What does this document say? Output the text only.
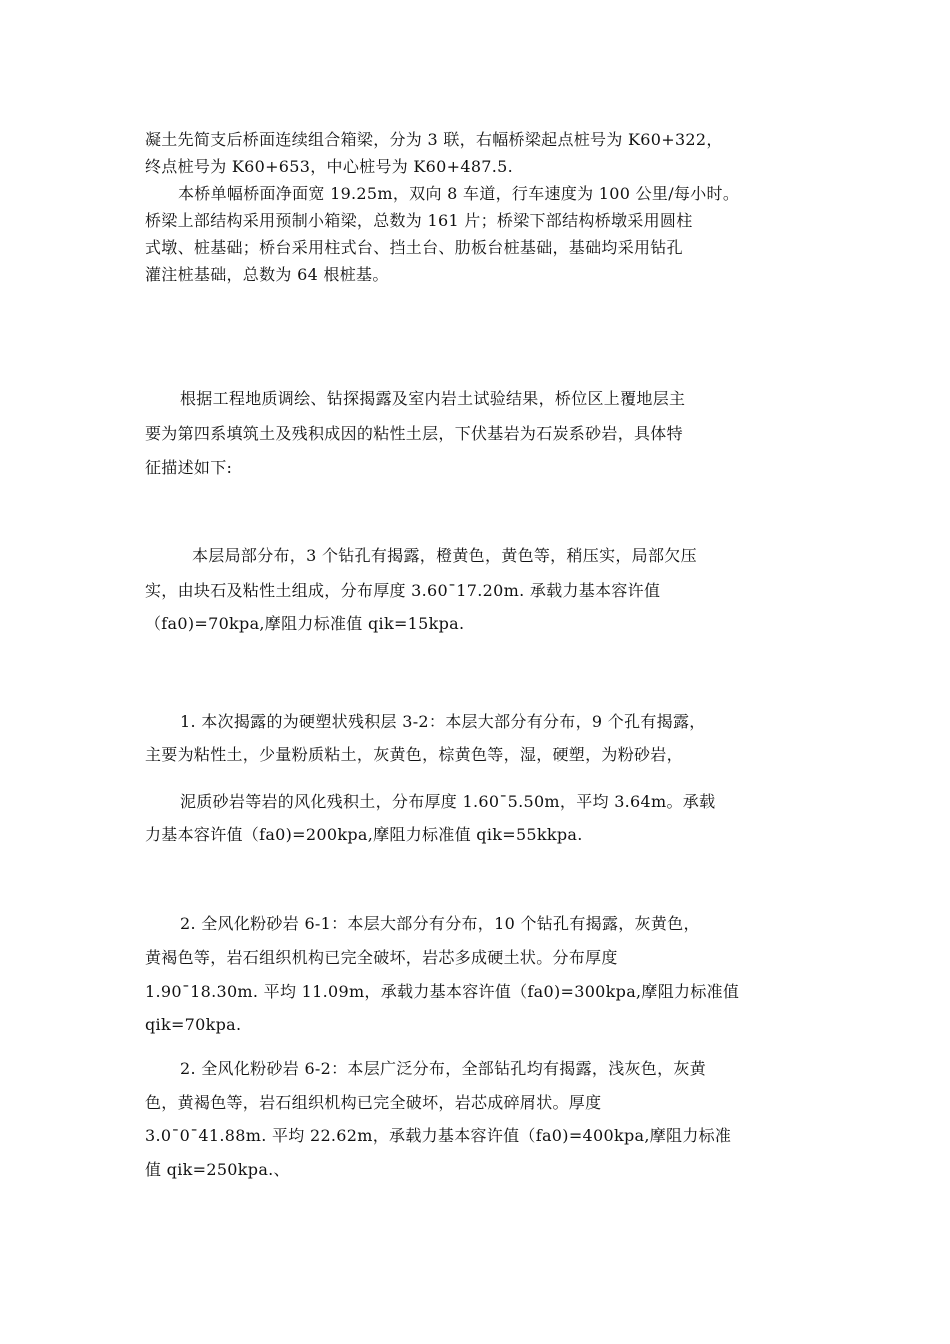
凝土先简支后桥面连续组合箱梁，分为 3 联，右幅桥梁起点桩号为 K60+322，
终点桩号为 K60+653，中心桩号为 K60+487.5.
本桥单幅桥面净面宽 19.25m，双向 8 车道，行车速度为 100 公里/每小时。
桥梁上部结构采用预制小箱梁，总数为 161 片；桥梁下部结构桥墩采用圆柱
式墩、桩基础；桥台采用柱式台、挡土台、肋板台桩基础，基础均采用钻孔
灌注桩基础，总数为 64 根桩基。
根据工程地质调绘、钻探揭露及室内岩土试验结果，桥位区上覆地层主
要为第四系填筑土及残积成因的粘性土层，下伏基岩为石炭系砂岩，具体特
征描述如下:
本层局部分布，3 个钻孔有揭露，橙黄色，黄色等，稍压实，局部欠压
实，由块石及粘性土组成，分布厚度 3.60¯17.20m. 承载力基本容许值
（fa0)=70kpa,摩阻力标准值 qik=15kpa.
1. 本次揭露的为硬塑状残积层 3-2：本层大部分有分布，9 个孔有揭露，
主要为粘性土，少量粉质粘土，灰黄色，棕黄色等，湿，硬塑，为粉砂岩，
泥质砂岩等岩的风化残积土，分布厚度 1.60¯5.50m，平均 3.64m。承载
力基本容许值（fa0)=200kpa,摩阻力标准值 qik=55kkpa.
2. 全风化粉砂岩 6-1：本层大部分有分布，10 个钻孔有揭露，灰黄色，
黄褐色等，岩石组织机构已完全破坏，岩芯多成硬土状。分布厚度
1.90¯18.30m. 平均 11.09m，承载力基本容许值（fa0)=300kpa,摩阻力标准值
qik=70kpa.
2. 全风化粉砂岩 6-2：本层广泛分布，全部钻孔均有揭露，浅灰色，灰黄
色，黄褐色等，岩石组织机构已完全破坏，岩芯成碎屑状。厚度
3.0¯0¯41.88m. 平均 22.62m，承载力基本容许值（fa0)=400kpa,摩阻力标准
值 qik=250kpa.、
